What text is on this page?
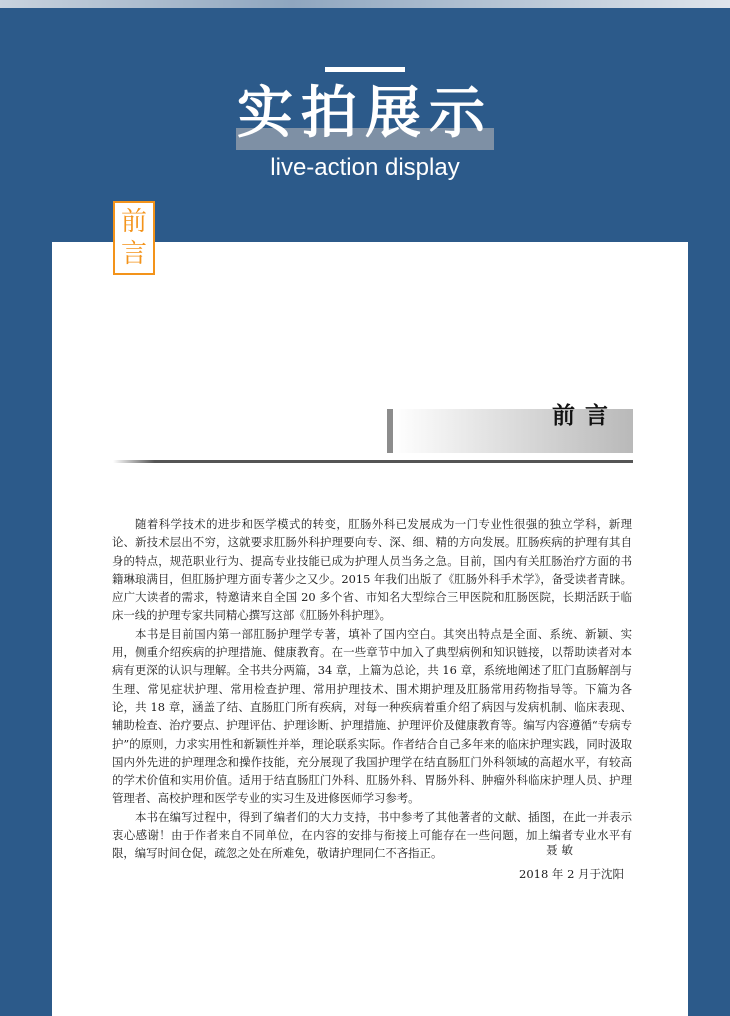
实拍展示
live-action display
前
言
前言

随着科学技术的进步和医学模式的转变，肛肠外科已发展成为一门专业性很强的独立学科，新理论、新技术层出不穷，这就要求肛肠外科护理要向专、深、细、精的方向发展。肛肠疾病的护理有其自身的特点，规范职业行为、提高专业技能已成为护理人员当务之急。目前，国内有关肛肠治疗方面的书籍琳琅满目，但肛肠护理方面专著少之又少。2015 年我们出版了《肛肠外科手术学》，备受读者青睐。应广大读者的需求，特邀请来自全国 20 多个省、市知名大型综合三甲医院和肛肠医院，长期活跃于临床一线的护理专家共同精心撰写这部《肛肠外科护理》。

本书是目前国内第一部肛肠护理学专著，填补了国内空白。其突出特点是全面、系统、新颖、实用，侧重介绍疾病的护理措施、健康教育。在一些章节中加入了典型病例和知识链接，以帮助读者对本病有更深的认识与理解。全书共分两篇，34 章，上篇为总论，共 16 章，系统地阐述了肛门直肠解剖与生理、常见症状护理、常用检查护理、常用护理技术、围术期护理及肛肠常用药物指导等。下篇为各论，共 18 章，涵盖了结、直肠肛门所有疾病，对每一种疾病着重介绍了病因与发病机制、临床表现、辅助检查、治疗要点、护理评估、护理诊断、护理措施、护理评价及健康教育等。编写内容遵循“专病专护”的原则，力求实用性和新颖性并举，理论联系实际。作者结合自己多年来的临床护理实践，同时汲取国内外先进的护理理念和操作技能，充分展现了我国护理学在结直肠肛门外科领域的高超水平，有较高的学术价值和实用价值。适用于结直肠肛门外科、肛肠外科、胃肠外科、肿瘤外科临床护理人员、护理管理者、高校护理和医学专业的实习生及进修医师学习参考。

本书在编写过程中，得到了编者们的大力支持，书中参考了其他著者的文献、插图，在此一并表示衷心感谢！由于作者来自不同单位，在内容的安排与衔接上可能存在一些问题，加上编者专业水平有限，编写时间仓促，疏忽之处在所难免，敬请护理同仁不吝指正。	聂敏
2018 年 2 月于沈阳
